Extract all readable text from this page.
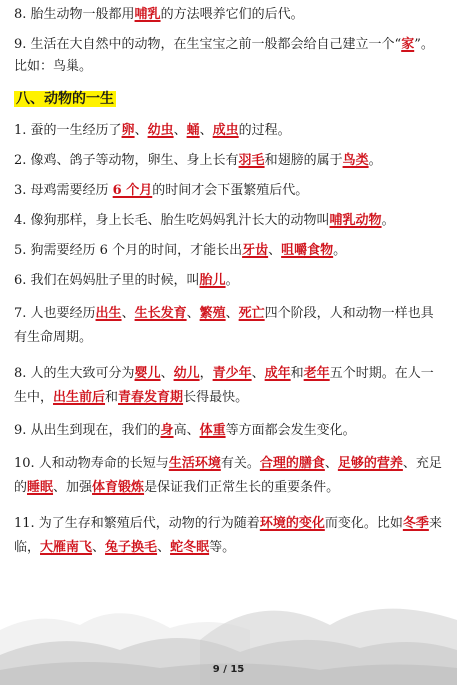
8. 胎生动物一般都用哺乳的方法喂养它们的后代。

9. 生活在大自然中的动物，在生宝宝之前一般都会给自己建立一个“家”。

比如：鸟巢。

八、动物的一生

1. 蚕的一生经历了卵、幼虫、蛹、成虫的过程。

2. 像鸡、鸽子等动物，卵生、身上长有羽毛和翅膀的属于鸟类。

3. 母鸡需要经历 6 个月的时间才会下蛋繁殖后代。

4. 像狗那样，身上长毛、胎生吃妈妈乳汁长大的动物叫哺乳动物。

5. 狗需要经历 6 个月的时间，才能长出牙齿、咀嚼食物。

6. 我们在妈妈肚子里的时候，叫胎儿。

7. 人也要经历出生、生长发育、繁殖、死亡四个阶段，人和动物一样也具有生命周期。

8. 人的生大致可分为婴儿、幼儿，青少年、成年和老年五个时期。在人一生中，出生前后和青春发育期长得最快。

9. 从出生到现在，我们的身高、体重等方面都会发生变化。

10. 人和动物寿命的长短与生活环境有关。合理的膳食、足够的营养、充足的睡眠、加强体育锻炼是保证我们正常生长的重要条件。

11. 为了生存和繁殖后代，动物的行为随着环境的变化而变化。比如冬季来临，大雁南飞、兔子换毛、蛇冬眠等。

9 / 15
